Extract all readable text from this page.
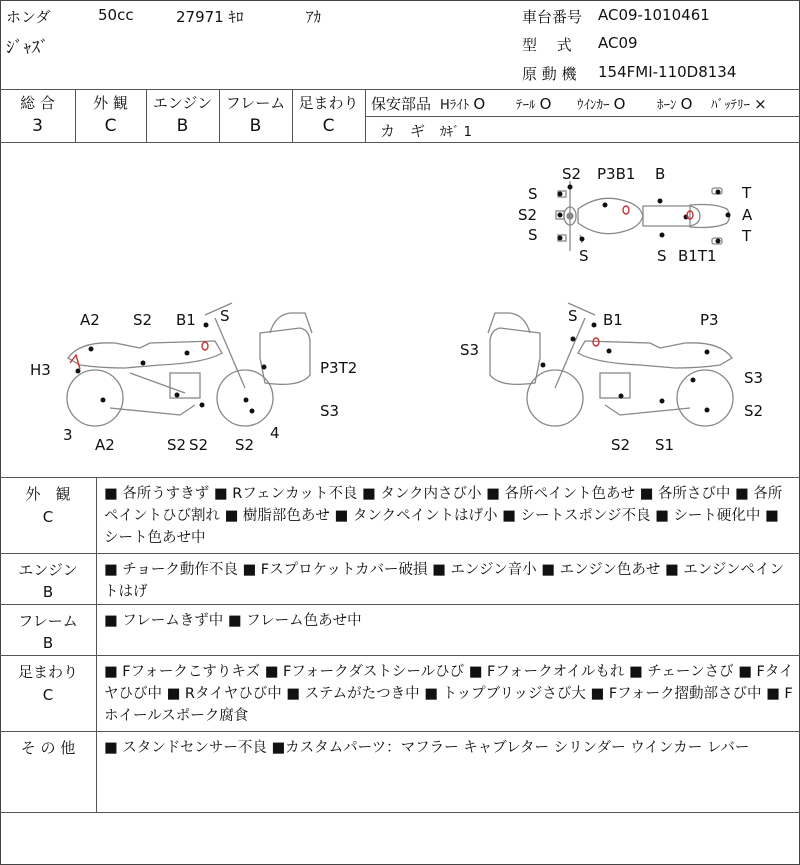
ホンダ	50cc	27971 ｷﾛ	ｱｶ
ｼﾞｬｽﾞ
車台番号 AC09-1010461
型　 式 AC09
原 動 機 154FMI-110D8134
総 合	外 観	エンジン フレーム 足まわり
3	C	B	B	C
保安部品 Hﾗｲﾄ O ﾃｰﾙ O ｳｲﾝｶｰ O ﾎｰﾝ O ﾊﾞｯﾃﾘｰ ×
カ　ギ ｶｷﾞ 1
S2 P3B1 B
S
S2
S
S
S B1T1
T
A
T
A2 S2 B1 S
H3	P3T2
S3
3
A2	S2 S2 S2
4
S B1	P3
S3
S3
S2
S1
S2
外　観
C
■ 各所うすきず ■ Rフェンカット不良 ■ タンク内さび小 ■ 各所ペイント色あせ ■ 各所さび中 ■ 各所ペイントひび割れ ■ 樹脂部色あせ ■ タンクペイントはげ小 ■ シートスポンジ不良 ■ シート硬化中 ■ シート色あせ中
エンジン
B
■ チョーク動作不良 ■ Fスプロケットカバー破損 ■ エンジン音小 ■ エンジン色あせ ■ エンジンペイントはげ
フレーム
B
■ フレームきず中 ■ フレーム色あせ中
足まわり
C
■ Fフォークこすりキズ ■ Fフォークダストシールひび ■ Fフォークオイルもれ ■ チェーンさび ■ Fタイヤひび中 ■ Rタイヤひび中 ■ ステムがたつき中 ■ トップブリッジさび大 ■ Fフォーク摺動部さび中 ■ Fホイールスポーク腐食
そ の 他	■ スタンドセンサー不良 ■カスタムパーツ：マフラー キャブレター シリンダー ウインカー レバー
